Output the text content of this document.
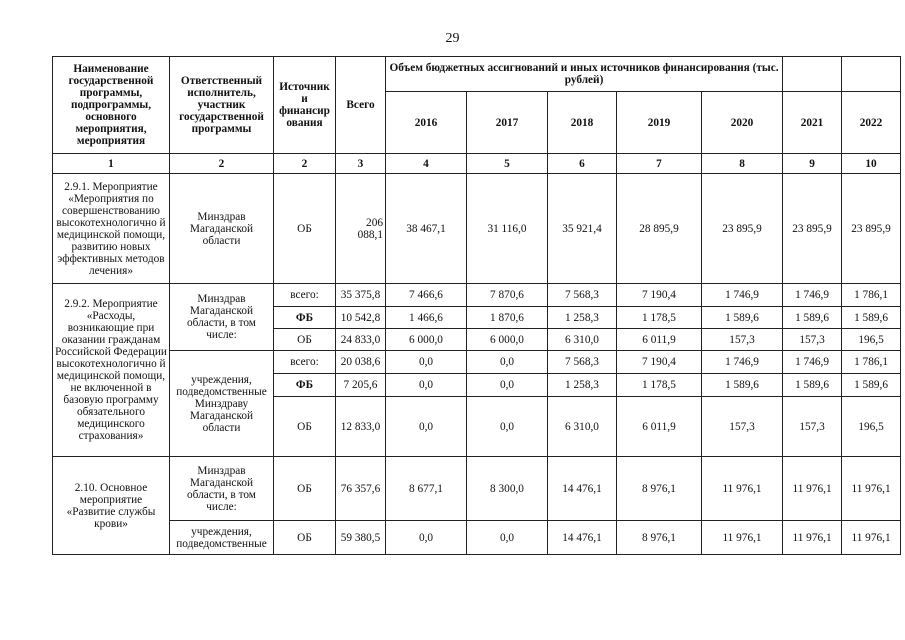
29
Наименование государственной программы, подпрограммы, основного мероприятия, мероприятия	Ответственный исполнитель, участник государственной программы	Источник и финансир ования	Всего	Объем бюджетных ассигнований и иных источников финансирования (тыс. рублей)						
				2016	2017	2018	2019	2020	2021	2022
1	2	2	3	4	5	6	7	8	9	10
2.9.1. Мероприятие «Мероприятия по совершенствованию высокотехнологично й медицинской помощи, развитию новых эффективных методов лечения»	Минздрав Магаданской области	ОБ	206 088,1	38 467,1	31 116,0	35 921,4	28 895,9	23 895,9	23 895,9	23 895,9
2.9.2. Мероприятие «Расходы, возникающие при оказании гражданам Российской Федерации высокотехнологично й медицинской помощи, не включенной в базовую программу обязательного медицинского страхования»	Минздрав Магаданской области, в том числе:	всего:	35 375,8	7 466,6	7 870,6	7 568,3	7 190,4	1 746,9	1 746,9	1 786,1
		ФБ	10 542,8	1 466,6	1 870,6	1 258,3	1 178,5	1 589,6	1 589,6	1 589,6
		ОБ	24 833,0	6 000,0	6 000,0	6 310,0	6 011,9	157,3	157,3	196,5
	учреждения, подведомственные Минздраву Магаданской области	всего:	20 038,6	0,0	0,0	7 568,3	7 190,4	1 746,9	1 746,9	1 786,1
		ФБ	7 205,6	0,0	0,0	1 258,3	1 178,5	1 589,6	1 589,6	1 589,6
		ОБ	12 833,0	0,0	0,0	6 310,0	6 011,9	157,3	157,3	196,5
2.10. Основное мероприятие «Развитие службы крови»	Минздрав Магаданской области, в том числе:	ОБ	76 357,6	8 677,1	8 300,0	14 476,1	8 976,1	11 976,1	11 976,1	11 976,1
	учреждения, подведомственные	ОБ	59 380,5	0,0	0,0	14 476,1	8 976,1	11 976,1	11 976,1	11 976,1
